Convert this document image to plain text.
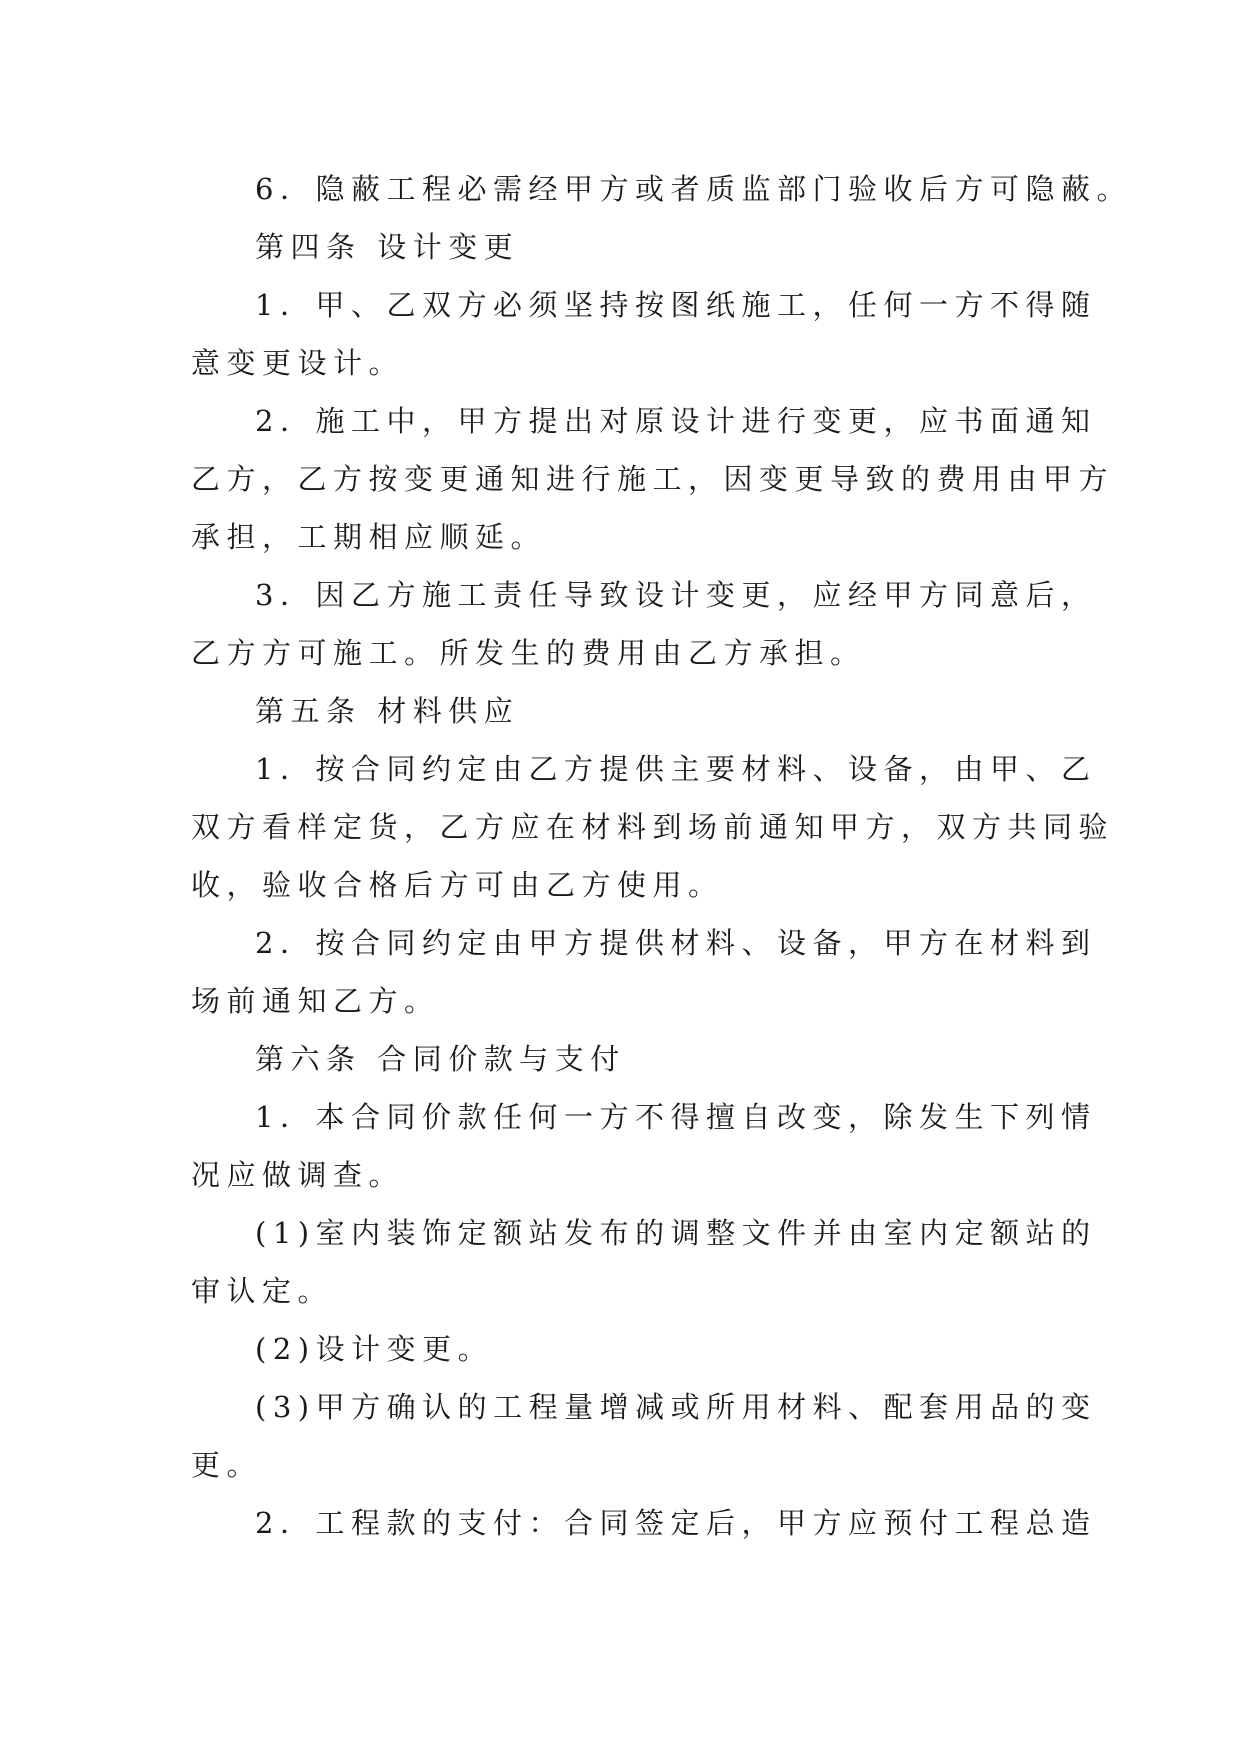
6．隐蔽工程必需经甲方或者质监部门验收后方可隐蔽。
第四条 设计变更
1．甲、乙双方必须坚持按图纸施工，任何一方不得随
意变更设计。
2．施工中，甲方提出对原设计进行变更，应书面通知
乙方，乙方按变更通知进行施工，因变更导致的费用由甲方
承担，工期相应顺延。
3．因乙方施工责任导致设计变更，应经甲方同意后，
乙方方可施工。所发生的费用由乙方承担。
第五条 材料供应
1．按合同约定由乙方提供主要材料、设备，由甲、乙
双方看样定货，乙方应在材料到场前通知甲方，双方共同验
收，验收合格后方可由乙方使用。
2．按合同约定由甲方提供材料、设备，甲方在材料到
场前通知乙方。
第六条 合同价款与支付
1．本合同价款任何一方不得擅自改变，除发生下列情
况应做调查。
(1)室内装饰定额站发布的调整文件并由室内定额站的
审认定。
(2)设计变更。
(3)甲方确认的工程量增减或所用材料、配套用品的变
更。
2．工程款的支付：合同签定后，甲方应预付工程总造
